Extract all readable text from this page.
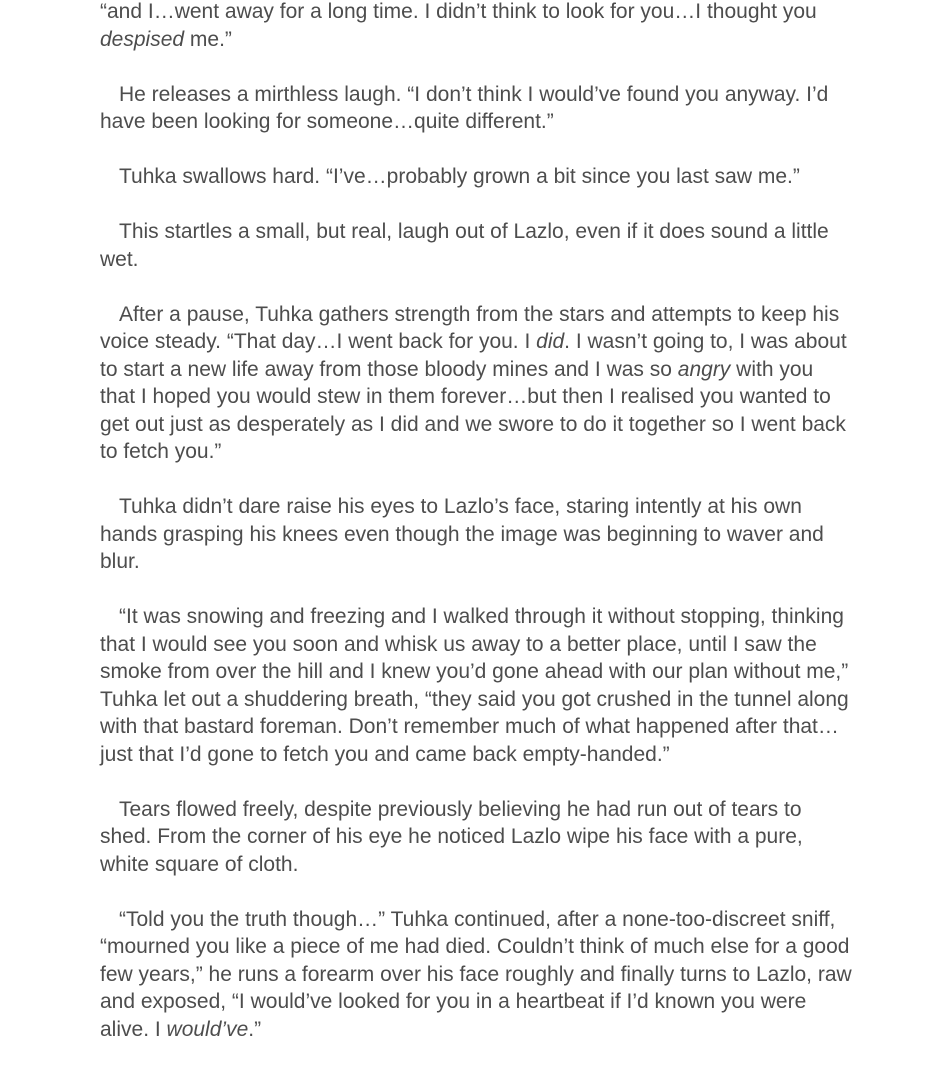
“and I…went away for a long time. I didn’t think to look for you…I thought you despised me.”

He releases a mirthless laugh. “I don’t think I would’ve found you anyway. I’d have been looking for someone…quite different.”

Tuhka swallows hard. “I’ve…probably grown a bit since you last saw me.”

This startles a small, but real, laugh out of Lazlo, even if it does sound a little wet.

After a pause, Tuhka gathers strength from the stars and attempts to keep his voice steady. “That day…I went back for you. I did. I wasn’t going to, I was about to start a new life away from those bloody mines and I was so angry with you that I hoped you would stew in them forever…but then I realised you wanted to get out just as desperately as I did and we swore to do it together so I went back to fetch you.”

Tuhka didn’t dare raise his eyes to Lazlo’s face, staring intently at his own hands grasping his knees even though the image was beginning to waver and blur.

“It was snowing and freezing and I walked through it without stopping, thinking that I would see you soon and whisk us away to a better place, until I saw the smoke from over the hill and I knew you’d gone ahead with our plan without me,” Tuhka let out a shuddering breath, “they said you got crushed in the tunnel along with that bastard foreman. Don’t remember much of what happened after that…just that I’d gone to fetch you and came back empty-handed.”

Tears flowed freely, despite previously believing he had run out of tears to shed. From the corner of his eye he noticed Lazlo wipe his face with a pure, white square of cloth.

“Told you the truth though…” Tuhka continued, after a none-too-discreet sniff, “mourned you like a piece of me had died. Couldn’t think of much else for a good few years,” he runs a forearm over his face roughly and finally turns to Lazlo, raw and exposed, “I would’ve looked for you in a heartbeat if I’d known you were alive. I would’ve.”
